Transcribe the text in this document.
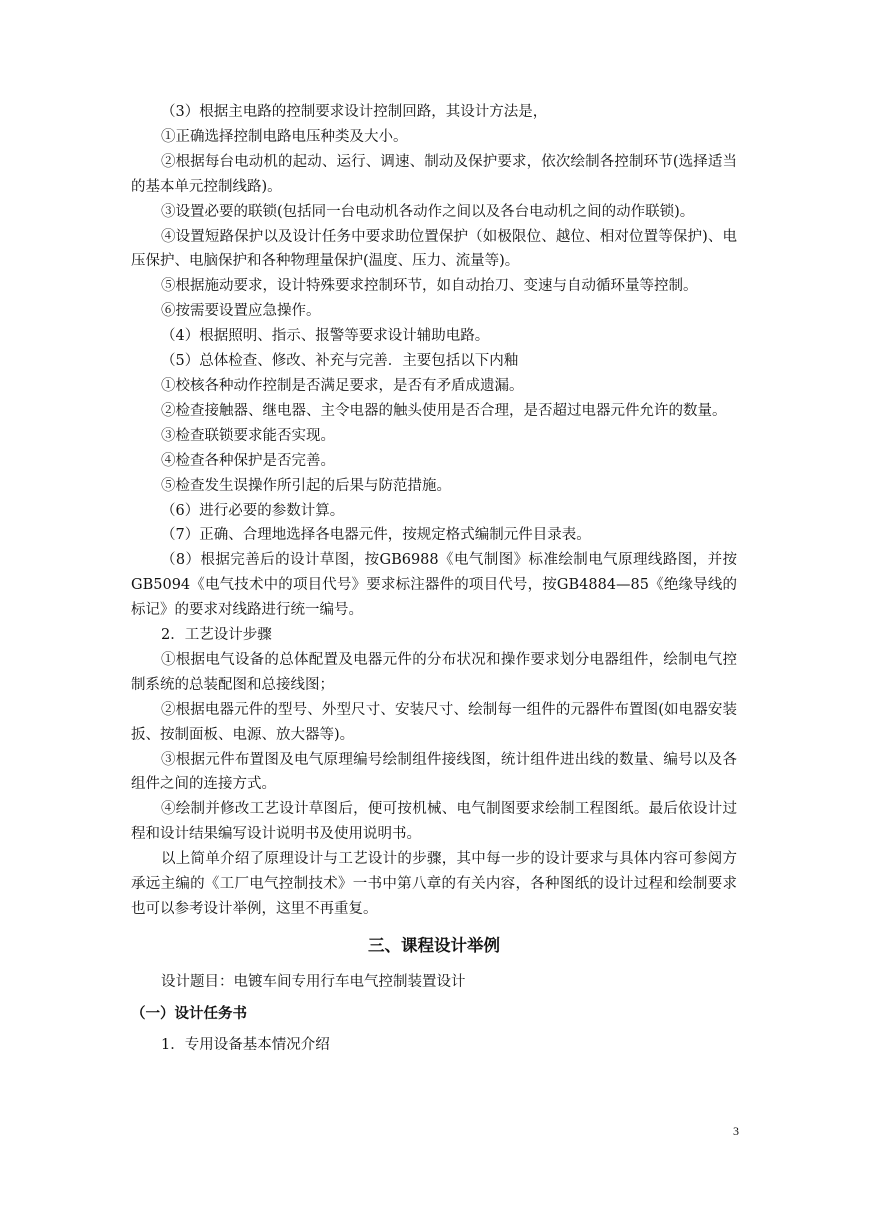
（3）根据主电路的控制要求设计控制回路，其设计方法是，

①正确选择控制电路电压种类及大小。

②根据每台电动机的起动、运行、调速、制动及保护要求，依次绘制各控制环节(选择适当的基本单元控制线路)。

③设置必要的联锁(包括同一台电动机各动作之间以及各台电动机之间的动作联锁)。

④设置短路保护以及设计任务中要求助位置保护（如极限位、越位、相对位置等保护)、电压保护、电脑保护和各种物理量保护(温度、压力、流量等)。

⑤根据施动要求，设计特殊要求控制环节，如自动抬刀、变速与自动循环量等控制。

⑥按需要设置应急操作。

（4）根据照明、指示、报警等要求设计辅助电路。

（5）总体检查、修改、补充与完善．主要包括以下内釉

①校核各种动作控制是否满足要求，是否有矛盾成遗漏。

②检查接触器、继电器、主令电器的触头使用是否合理，是否超过电器元件允许的数量。

③检查联锁要求能否实现。

④检查各种保护是否完善。

⑤检查发生误操作所引起的后果与防范措施。

（6）进行必要的参数计算。

（7）正确、合理地选择各电器元件，按规定格式编制元件目录表。

（8）根据完善后的设计草图，按GB6988《电气制图》标准绘制电气原理线路图，并按GB5094《电气技术中的项目代号》要求标注器件的项目代号，按GB4884—85《绝缘导线的标记》的要求对线路进行统一编号。

2．工艺设计步骤

①根据电气设备的总体配置及电器元件的分布状况和操作要求划分电器组件，绘制电气控制系统的总装配图和总接线图；

②根据电器元件的型号、外型尺寸、安装尺寸、绘制每一组件的元器件布置图(如电器安装扳、按制面板、电源、放大器等)。

③根据元件布置图及电气原理编号绘制组件接线图，统计组件进出线的数量、编号以及各组件之间的连接方式。

④绘制并修改工艺设计草图后，便可按机械、电气制图要求绘制工程图纸。最后依设计过程和设计结果编写设计说明书及使用说明书。

以上简单介绍了原理设计与工艺设计的步骤，其中每一步的设计要求与具体内容可参阅方承远主编的《工厂电气控制技术》一书中第八章的有关内容，各种图纸的设计过程和绘制要求也可以参考设计举例，这里不再重复。

三、课程设计举例

设计题目：电镀车间专用行车电气控制装置设计

（一）设计任务书

1．专用设备基本情况介绍

3
